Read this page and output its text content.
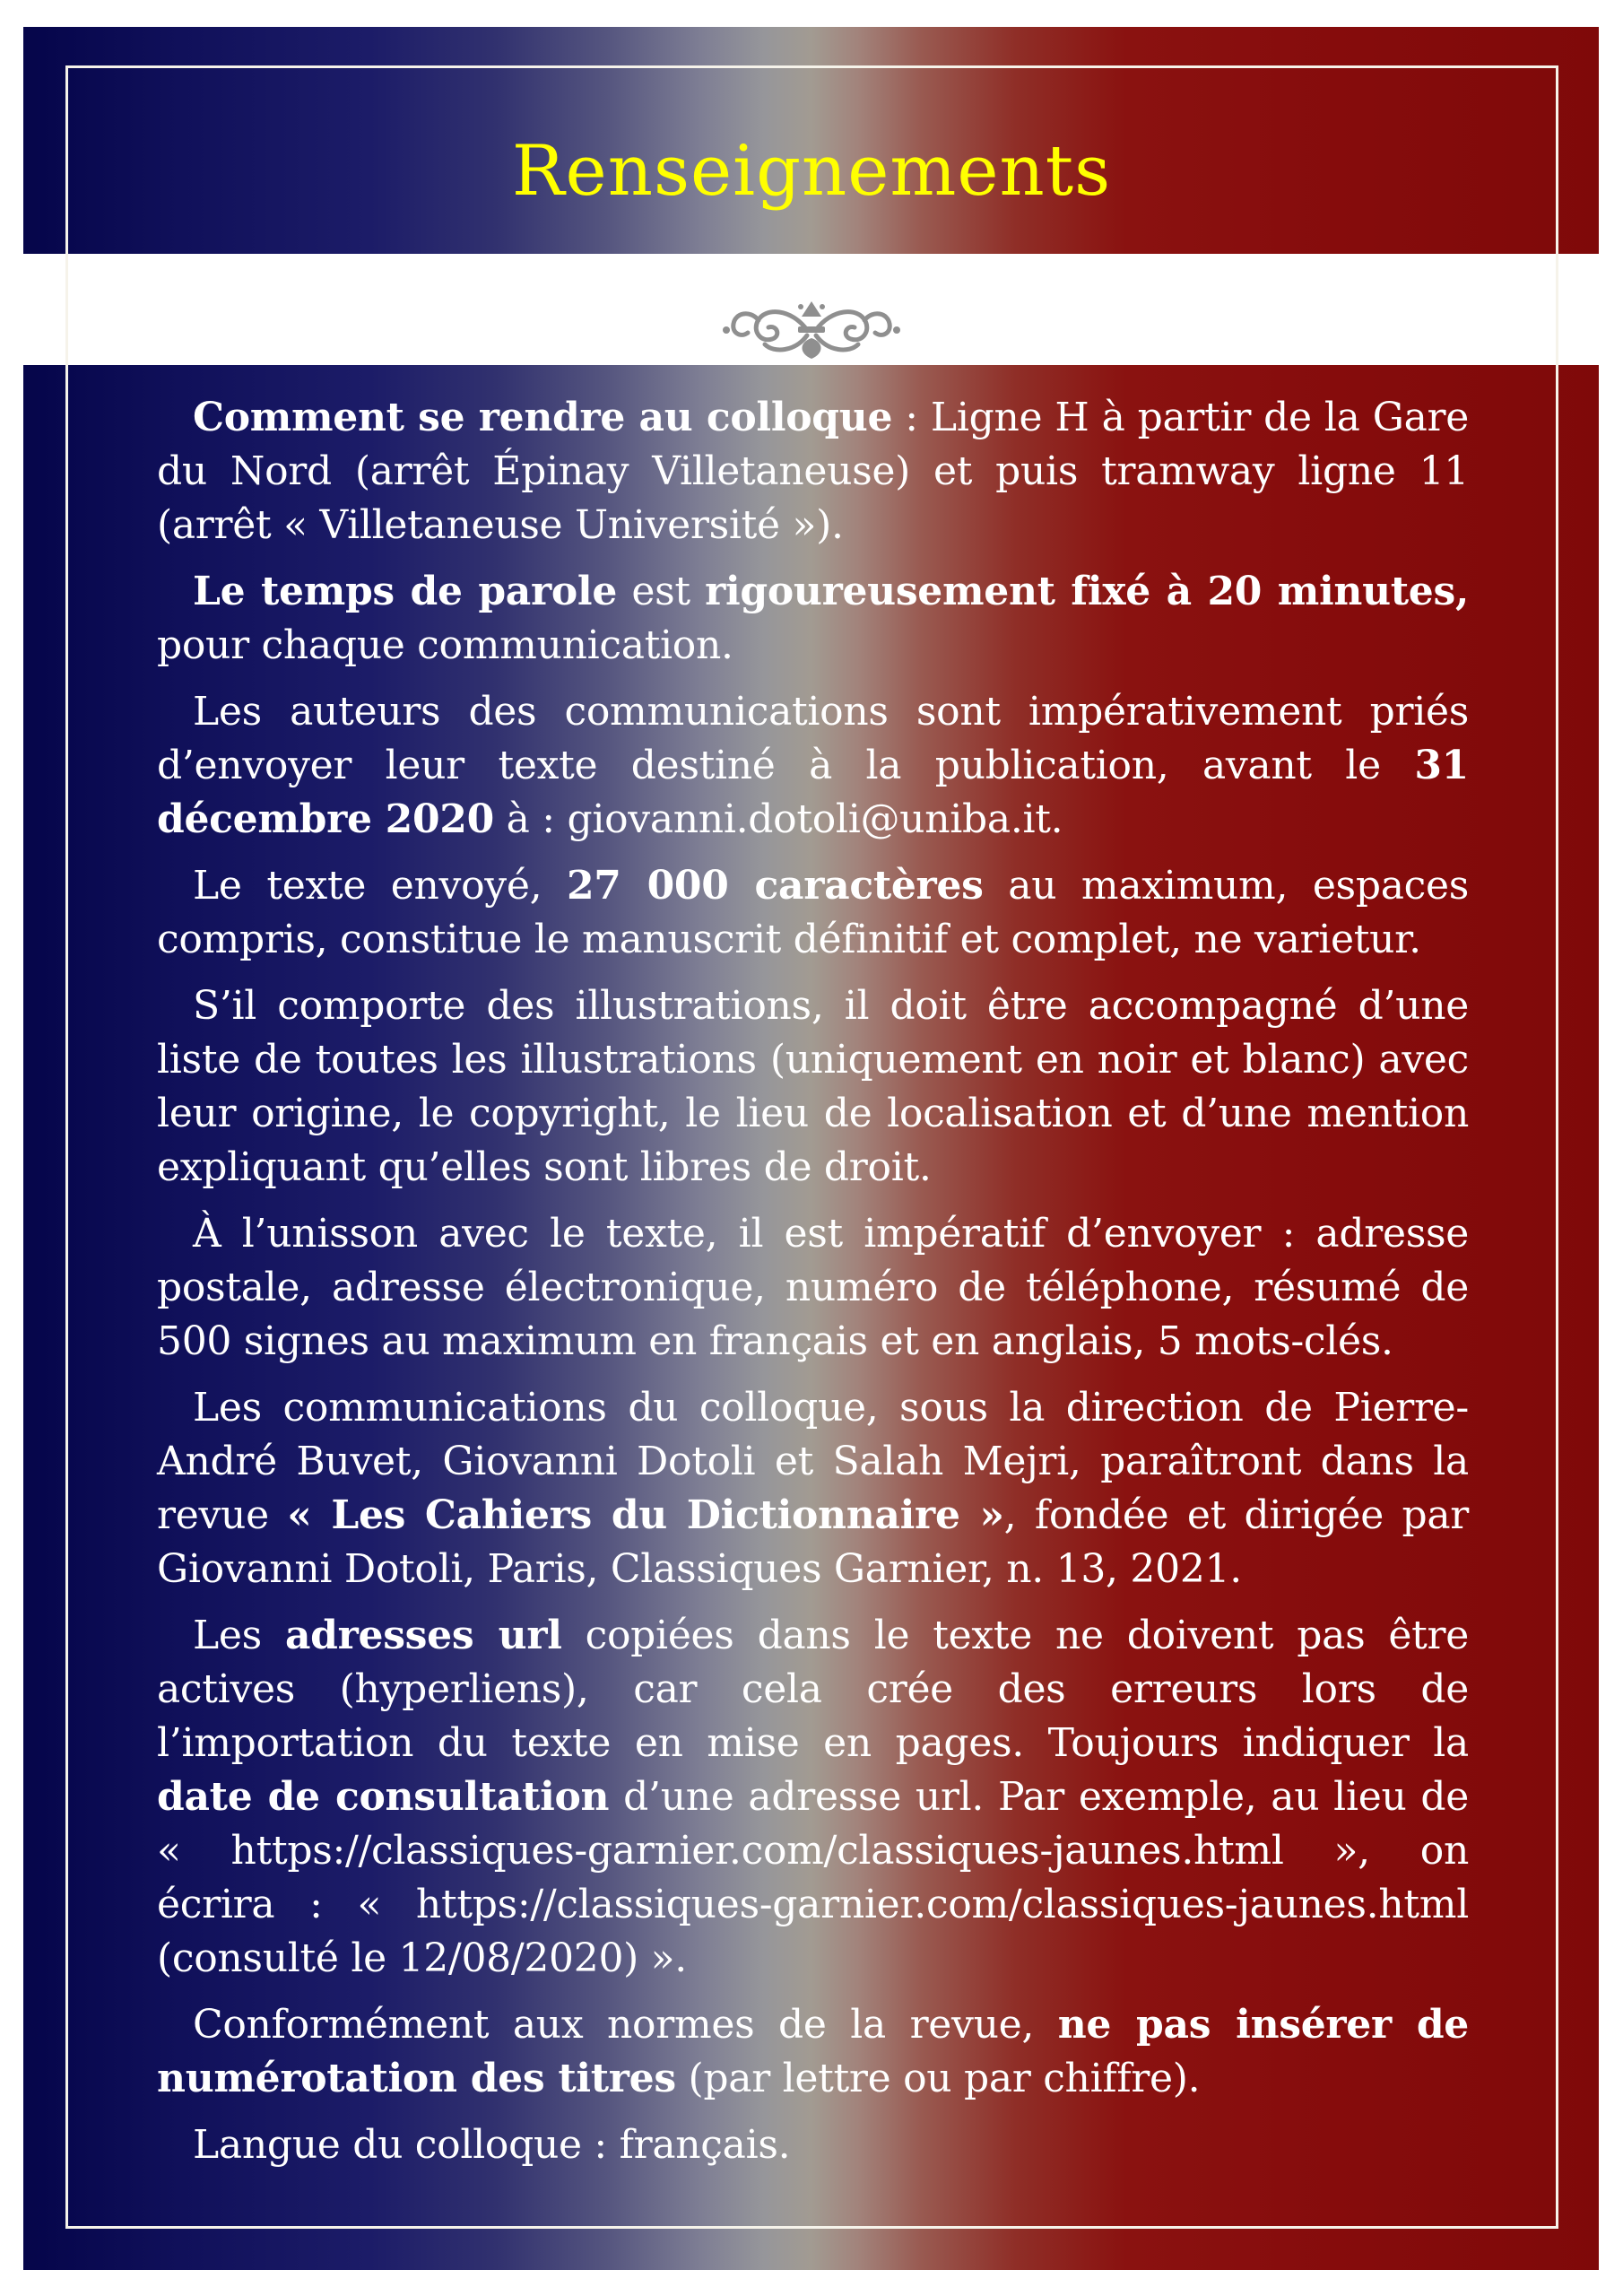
Renseignements

Comment se rendre au colloque : Ligne H à partir de la Gare du Nord (arrêt Épinay Villetaneuse) et puis tramway ligne 11 (arrêt « Villetaneuse Université »).

Le temps de parole est rigoureusement fixé à 20 minutes, pour chaque communication.

Les auteurs des communications sont impérativement priés d’envoyer leur texte destiné à la publication, avant le 31 décembre 2020 à : giovanni.dotoli@uniba.it.

Le texte envoyé, 27 000 caractères au maximum, espaces compris, constitue le manuscrit définitif et complet, ne varietur.

S’il comporte des illustrations, il doit être accompagné d’une liste de toutes les illustrations (uniquement en noir et blanc) avec leur origine, le copyright, le lieu de localisation et d’une mention expliquant qu’elles sont libres de droit.

À l’unisson avec le texte, il est impératif d’envoyer : adresse postale, adresse électronique, numéro de téléphone, résumé de 500 signes au maximum en français et en anglais, 5 mots-clés.

Les communications du colloque, sous la direction de Pierre-André Buvet, Giovanni Dotoli et Salah Mejri, paraîtront dans la revue « Les Cahiers du Dictionnaire », fondée et dirigée par Giovanni Dotoli, Paris, Classiques Garnier, n. 13, 2021.

Les adresses url copiées dans le texte ne doivent pas être actives (hyperliens), car cela crée des erreurs lors de l’importation du texte en mise en pages. Toujours indiquer la date de consultation d’une adresse url. Par exemple, au lieu de « https://classiques-garnier.com/classiques-jaunes.html », on écrira : « https://classiques-garnier.com/classiques-jaunes.html (consulté le 12/08/2020) ».

Conformément aux normes de la revue, ne pas insérer de numérotation des titres (par lettre ou par chiffre).

Langue du colloque : français.
